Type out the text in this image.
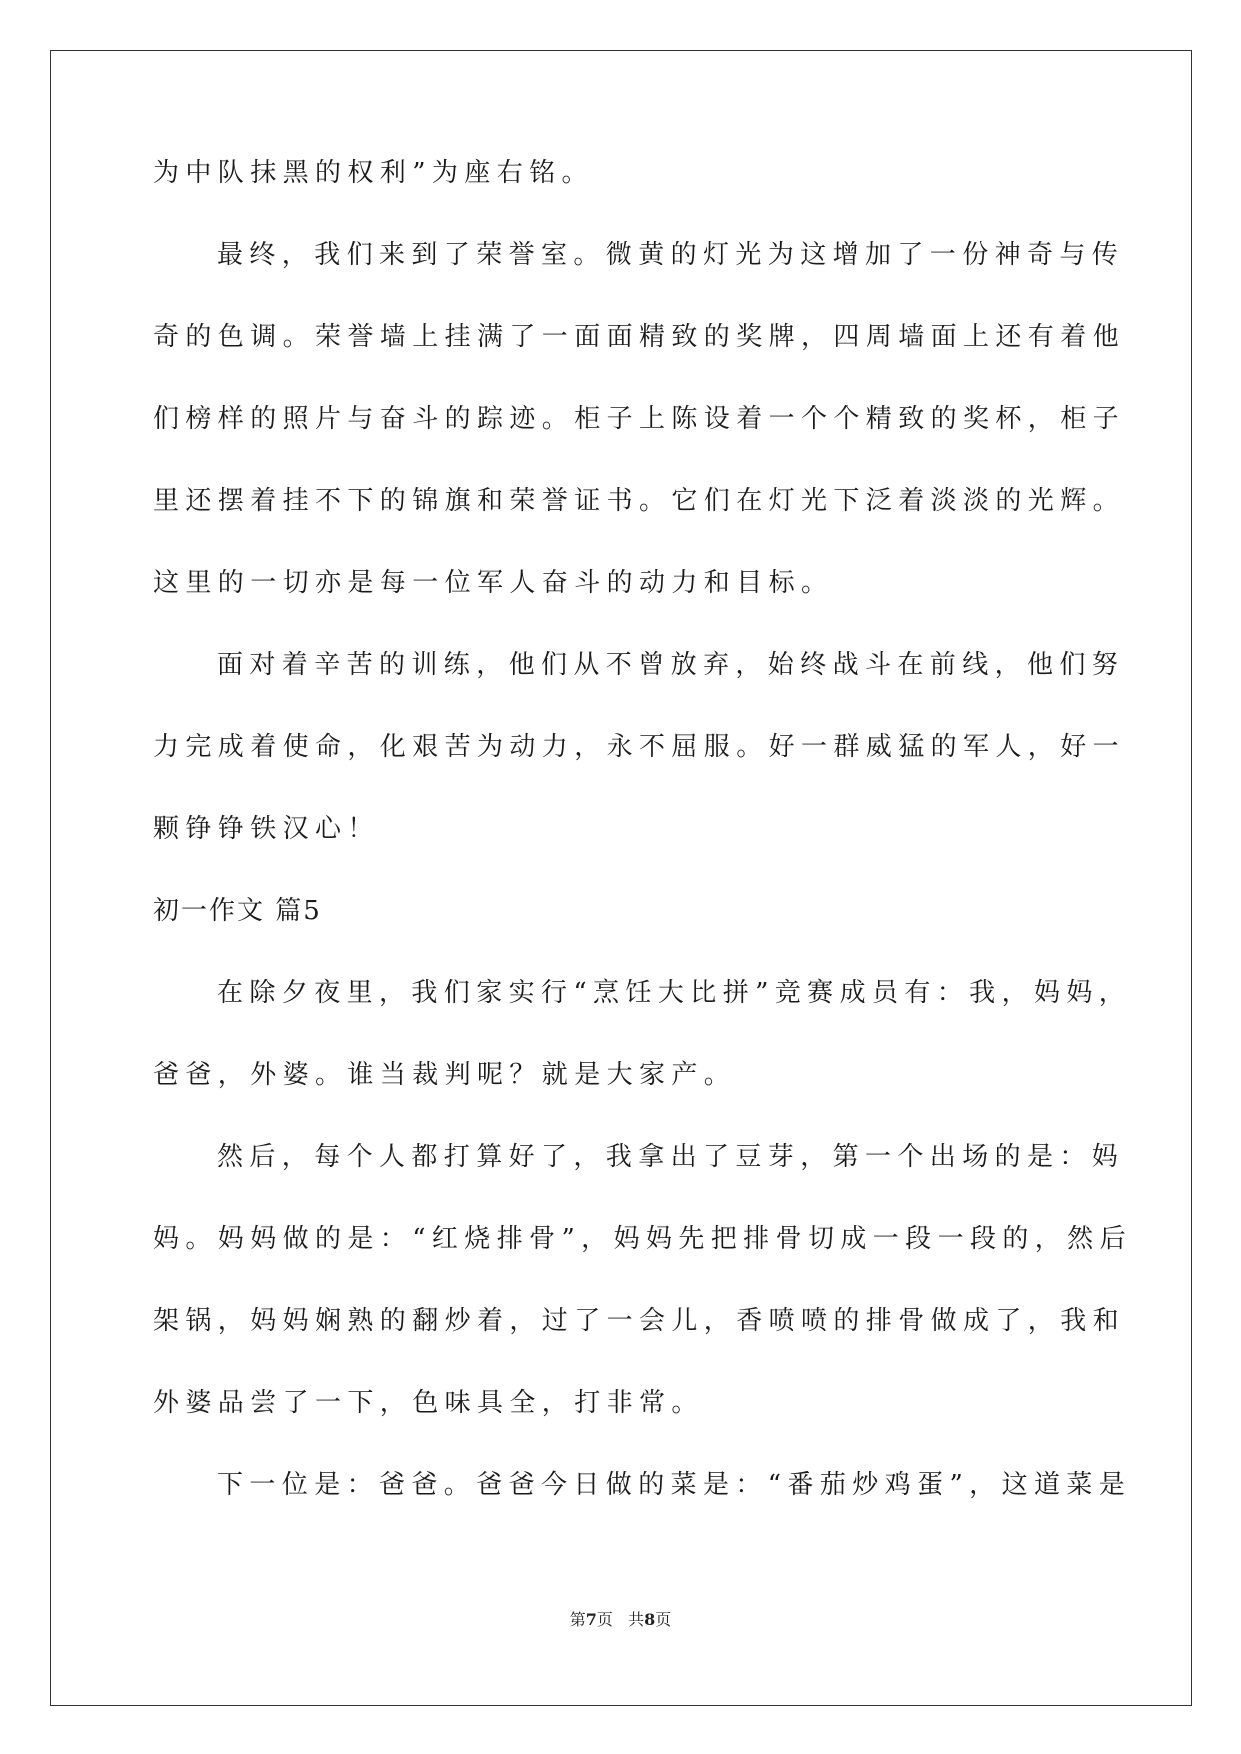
为中队抹黑的权利”为座右铭。
最终，我们来到了荣誉室。微黄的灯光为这增加了一份神奇与传
奇的色调。荣誉墙上挂满了一面面精致的奖牌，四周墙面上还有着他
们榜样的照片与奋斗的踪迹。柜子上陈设着一个个精致的奖杯，柜子
里还摆着挂不下的锦旗和荣誉证书。它们在灯光下泛着淡淡的光辉。
这里的一切亦是每一位军人奋斗的动力和目标。
面对着辛苦的训练，他们从不曾放弃，始终战斗在前线，他们努
力完成着使命，化艰苦为动力，永不屈服。好一群威猛的军人，好一
颗铮铮铁汉心！
初一作文 篇5
在除夕夜里，我们家实行“烹饪大比拼”竞赛成员有：我，妈妈，
爸爸，外婆。谁当裁判呢？就是大家产。
然后，每个人都打算好了，我拿出了豆芽，第一个出场的是：妈
妈。妈妈做的是：“红烧排骨”，妈妈先把排骨切成一段一段的，然后
架锅，妈妈娴熟的翻炒着，过了一会儿，香喷喷的排骨做成了，我和
外婆品尝了一下，色味具全，打非常。
下一位是：爸爸。爸爸今日做的菜是：“番茄炒鸡蛋”，这道菜是
第7页 共8页
